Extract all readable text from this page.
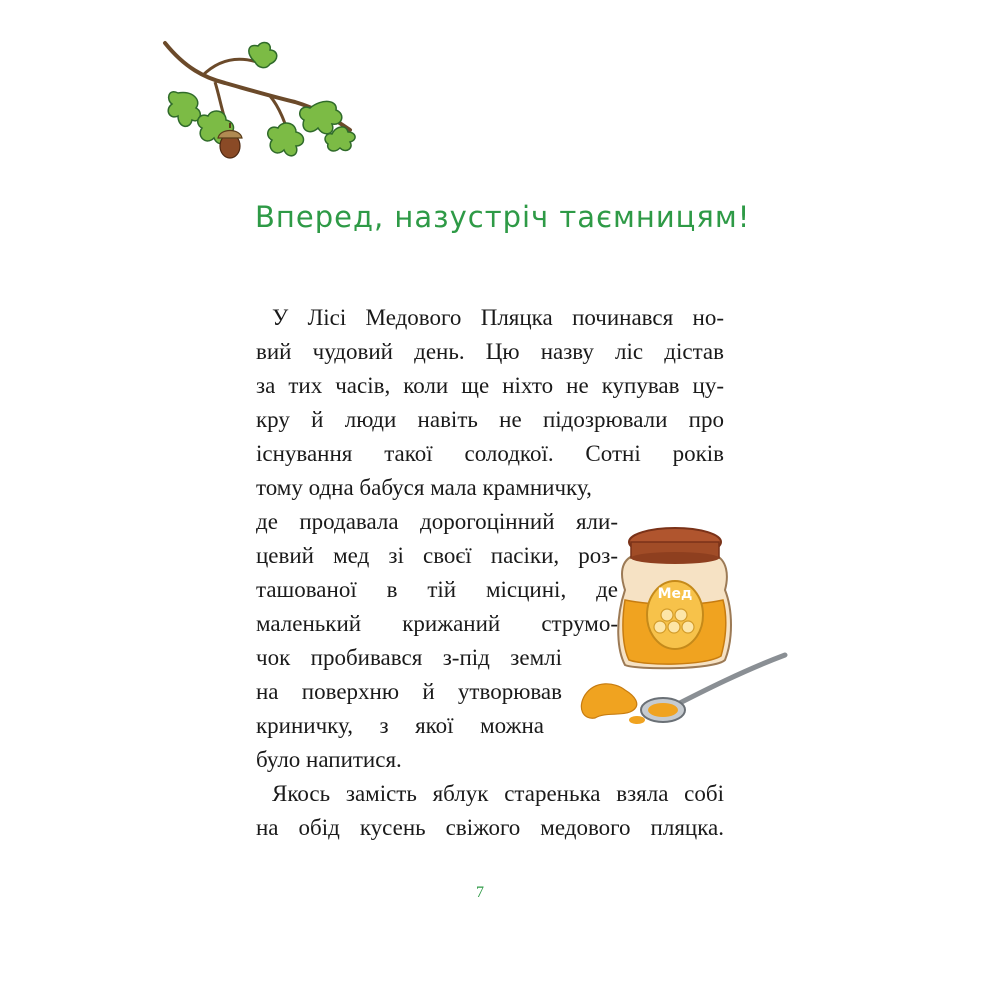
Вперед, назустріч таємницям!
У Лісі Медового Пляцка починався но-
вий чудовий день. Цю назву ліс дістав
за тих часів, коли ще ніхто не купував цу-
кру й люди навіть не підозрювали про
існування такої солодкої. Сотні років
тому одна бабуся мала крамничку,
де продавала дорогоцінний яли-
цевий мед зі своєї пасіки, роз-
ташованої в тій місцині, де
маленький крижаний струмо-
чок пробивався з-під землі
на поверхню й утворював
криничку, з якої можна
було напитися.
Якось замість яблук старенька взяла собі
на обід кусень свіжого медового пляцка.
Мед
7
